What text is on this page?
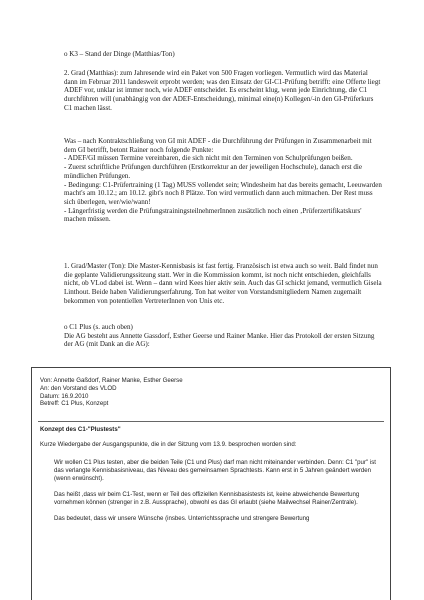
o K3 – Stand der Dinge (Matthias/Ton)

2. Grad (Matthias): zum Jahresende wird ein Paket von 500 Fragen vorliegen. Vermutlich wird das Material dann im Februar 2011 landesweit erprobt werden; was den Einsatz der GI-C1-Prüfung betrifft: eine Offerte liegt ADEF vor, unklar ist immer noch, wie ADEF entscheidet. Es erscheint klug, wenn jede Einrichtung, die C1 durchführen will (unabhängig von der ADEF-Entscheidung), minimal eine(n) Kollegen/-in den GI-Prüferkurs C1 machen lässt.

Was – nach Kontraktschließung von GI mit ADEF - die Durchführung der Prüfungen in Zusammenarbeit mit dem GI betrifft, betont Rainer noch folgende Punkte:

- ADEF/GI müssen Termine vereinbaren, die sich nicht mit den Terminen von Schulprüfungen beißen.

- Zuerst schriftliche Prüfungen durchführen (Erstkorrektur an der jeweiligen Hochschule), danach erst die mündlichen Prüfungen.

- Bedingung: C1-Prüfertraining (1 Tag) MUSS vollendet sein; Windesheim hat das bereits gemacht, Leeuwarden macht's am 10.12.; am 10.12. gibt's noch 8 Plätze. Ton wird vermutlich dann auch mitmachen. Der Rest muss sich überlegen, wer/wie/wann!

- Längerfristig werden die PrüfungstrainingsteilnehmerInnen zusätzlich noch einen ‚Prüferzertifikatskurs' machen müssen.

1. Grad/Master (Ton): Die Master-Kennisbasis ist fast fertig. Französisch ist etwa auch so weit. Bald findet nun die geplante Validierungssitzung statt. Wer in die Kommission kommt, ist noch nicht entschieden, gleichfalls nicht, ob VLod dabei ist. Wenn – dann wird Kees hier aktiv sein. Auch das GI schickt jemand, vermutlich Gisela Linthout. Beide haben Validierungserfahrung. Ton hat weiter von Vorstandsmitgliedern Namen zugemailt bekommen von potentiellen VertreterInnen von Unis etc.

o C1 Plus (s. auch oben)

Die AG besteht aus Annette Gassdorf, Esther Geerse und Rainer Manke. Hier das Protokoll der ersten Sitzung der AG (mit Dank an die AG):

Von: Annette Gaßdorf, Rainer Manke, Esther Geerse
An: den Vorstand des VLOD
Datum: 16.9.2010
Betreff: C1 Plus, Konzept
Konzept des C1-"Plustests"
Kurze Wiedergabe der Ausgangspunkte, die in der Sitzung vom 13.9. besprochen worden sind:
Wir wollen C1 Plus testen, aber die beiden Teile (C1 und Plus) darf man nicht miteinander verbinden. Denn: C1 "pur" ist das verlangte Kennisbasisniveau, das Niveau des gemeinsamen Sprachtests. Kann erst in 5 Jahren geändert werden (wenn erwünscht).
Das heißt ,dass wir beim C1-Test, wenn er Teil des offiziellen Kennisbasistests ist, keine abweichende Bewertung vornehmen können (strenger in z.B. Aussprache), obwohl es das GI erlaubt (siehe Mailwechsel Rainer/Zentrale).
Das bedeutet, dass wir unsere Wünsche (insbes. Unterrichtssprache und strengere Bewertung
